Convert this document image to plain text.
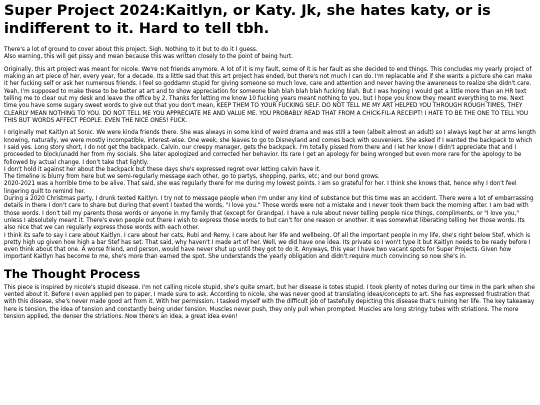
Super Project 2024:Kaitlyn, or Katy. Jk, she hates katy, or is indifferent to it. Hard to tell tbh.

There's a lot of ground to cover about this project. Sigh. Nothing to it but to do it I guess.
Also warning, this will get pissy and mean because this was written closely to the point of being hurt.

Originally, this art project was meant for nicole. We're not friends anymore. A lot of it is my fault, some of it is her fault as she decided to end things. This concludes my yearly project of making an art piece of her, every year, for a decade. Its a little sad that this art project has ended, but there's not much I can do. I'm replacable and if she wants a picture she can make it her fucking self or ask her numerous friends. I feel so goddamn stupid for giving someone so much love, care and attention and never having the awareness to realize she didn't care. Yeah, I'm supposed to make these to be better at art and to show appreciation for someone blah blah blah blah fucking blah. But I was hoping I would get a little more than an HR text telling me to clear out my desk and leave the office by 2. Thanks for letting me know 10 fucking years meant nothing to you, but I hope you know they meant everything to me. Next time you have some sugary sweet words to give out that you don't mean, KEEP THEM TO YOUR FUCKING SELF. DO NOT TELL ME MY ART HELPED YOU THROUGH ROUGH TIMES, THEY CLEARLY MEAN NOTHING TO YOU. DO NOT TELL ME YOU APPRECIATE ME AND VALUE ME. YOU PROBABLY READ THAT FROM A CHICK-FIL-A RECEIPT! I HATE TO BE THE ONE TO TELL YOU THIS BUT WORDS AFFECT PEOPLE. EVEN THE NICE ONES! FUCK.

I originally met Kaitlyn at Sonic. We were kinda friends there. She was always in some kind of weird drama and was still a teen (albeit almost an adult) so I always kept her at arms length knowing, naturally, we were mostly incompatible, interest-wise. One week, she leaves to go to Disneyland and comes back with souveniers. She asked if I wanted the backpack to which I said yes. Long story short, I do not get the backpack. Calvin, our creepy manager, gets the backpack. I'm totally pissed from there and I let her know I didn't appreciate that and I proceeded to block/unadd her from my socials. She later apologized and corrected her behavior. Its rare I get an apology for being wronged but even more rare for the apology to be followed by actual change. I don't take that lightly.
I don't hold it against her about the backpack but these days she's expressed regret over letting calvin have it.
The timeline is blurry from here but we semi-regularly message each other, go to partys, shopping, parks, etc; and our bond grows.
2020-2021 was a horrible time to be alive. That said, she was regularly there for me during my lowest points. I am so grateful for her. I think she knows that, hence why I don't feel lingering guilt to remind her.
During a 2020 Christmas party, I drunk texted Kaitlyn. I try not to message people when I'm under any kind of substance but this time was an accident. There were a lot of embarrassing details in there I don't care to share but during that event I texted the words, "I love you." Those words were not a mistake and I never took them back the morning after. I am bad with those words. I don't tell my parents those words or anyone in my family that (except for Grandpa). I have a rule about never telling people nice things, compliments, or "I love you," unless I absolutely meant it. There's even people out there I wish to express those words to but can't for one reason or another. It was somewhat liberating telling her those words. Its also nice that we can regularly express those words with each other.
I think its safe to say I care about Kaitlyn. I care about her cats, Rubi and Remy. I care about her life and wellbeing. Of all the important people in my life, she's right below Stef, which is pretty high up given how high a bar Stef has set. That said, why haven't I made art of her. Well, we did have one idea. Its private so I won't type it but Kaitlyn needs to be ready before I even think about that one. A worse friend, and person, would have never shut up until they got to do it. Anyways, this year I have two vacant spots for Super Projects. Given how important Kaitlyn has become to me, she's more than earned the spot. She understands the yearly obligation and didn't require much convincing so now she's in.

The Thought Process

This piece is inspired by nicole's stupid disease. I'm not calling nicole stupid, she's quite smart, but her disease is totes stupid. I took plenty of notes during our time in the park when she vented about it. Before I even applied pen to paper, I made sure to ask. According to nicole, she was never good at translating ideas/concepts to art. She has expressed frustration that with this disease, she's never made good art from it. With her permission, I tasked myself with the difficult job of tastefully depicting this disease that's ruining her life. The key takeaway here is tension, the idea of tension and constantly being under tension. Muscles never push, they only pull when prompted. Muscles are long stringy tubes with striations. The more tension applied, the denser the striations. Now there's an idea, a great idea even!
